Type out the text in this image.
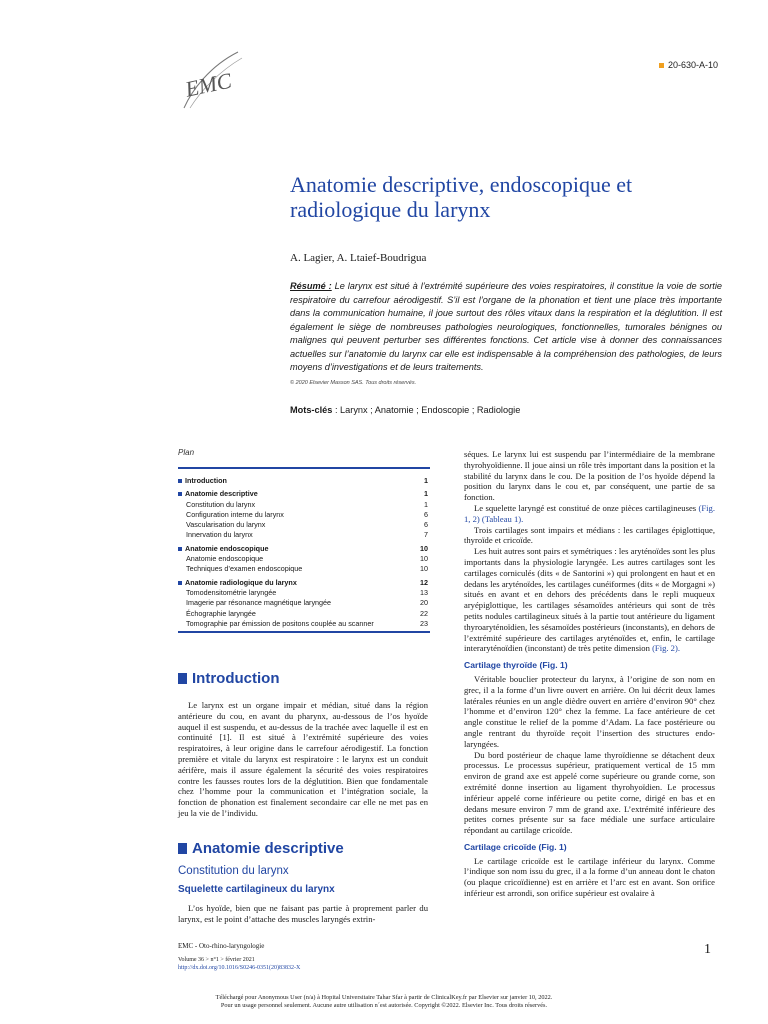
EMC
20-630-A-10
Anatomie descriptive, endoscopique et radiologique du larynx
A. Lagier, A. Ltaief-Boudrigua
Résumé : Le larynx est situé à l’extrémité supérieure des voies respiratoires, il constitue la voie de sortie respiratoire du carrefour aérodigestif. S’il est l’organe de la phonation et tient une place très importante dans la communication humaine, il joue surtout des rôles vitaux dans la respiration et la déglutition. Il est également le siège de nombreuses pathologies neurologiques, fonctionnelles, tumorales bénignes ou malignes qui peuvent perturber ses différentes fonctions. Cet article vise à donner des connaissances actuelles sur l’anatomie du larynx car elle est indispensable à la compréhension des pathologies, de leurs moyens d’investigations et de leurs traitements.
© 2020 Elsevier Masson SAS. Tous droits réservés.
Mots-clés : Larynx ; Anatomie ; Endoscopie ; Radiologie
Plan
Introduction	1
Anatomie descriptive	1
Constitution du larynx	1
Configuration interne du larynx	6
Vascularisation du larynx	6
Innervation du larynx	7
Anatomie endoscopique	10
Anatomie endoscopique	10
Techniques d’examen endoscopique	10
Anatomie radiologique du larynx	12
Tomodensitométrie laryngée	13
Imagerie par résonance magnétique laryngée	20
Échographie laryngée	22
Tomographie par émission de positons couplée au scanner	23
Introduction

Le larynx est un organe impair et médian, situé dans la région antérieure du cou, en avant du pharynx, au-dessous de l’os hyoïde auquel il est suspendu, et au-dessus de la trachée avec laquelle il est en continuité [1]. Il est situé à l’extrémité supérieure des voies respiratoires, à leur origine dans le carrefour aérodigestif. La fonction première et vitale du larynx est respiratoire : le larynx est un conduit aérifère, mais il assure également la sécurité des voies respiratoires contre les fausses routes lors de la déglutition. Bien que fondamentale chez l’homme pour la communication et l’intégration sociale, la fonction de phonation est finalement secondaire car elle ne met pas en jeu la vie de l’individu.

Anatomie descriptive
Constitution du larynx
Squelette cartilagineux du larynx

L’os hyoïde, bien que ne faisant pas partie à proprement parler du larynx, est le point d’attache des muscles laryngés extrin-

séques. Le larynx lui est suspendu par l’intermédiaire de la membrane thyrohyoïdienne. Il joue ainsi un rôle très important dans la position et la stabilité du larynx dans le cou. De la position de l’os hyoïde dépend la position du larynx dans le cou et, par conséquent, une partie de sa fonction.

Le squelette laryngé est constitué de onze pièces cartilagineuses (Fig. 1, 2) (Tableau 1).

Trois cartilages sont impairs et médians : les cartilages épiglottique, thyroïde et cricoïde.

Les huit autres sont pairs et symétriques : les aryténoïdes sont les plus importants dans la physiologie laryngée. Les autres cartilages sont les cartilages corniculés (dits « de Santorini ») qui prolongent en haut et en dedans les aryténoïdes, les cartilages cunéiformes (dits « de Morgagni ») situés en avant et en dehors des précédents dans le repli muqueux aryépiglottique, les cartilages sésamoïdes antérieurs qui sont de très petits nodules cartilagineux situés à la partie tout antérieure du ligament thyroaryténoïdien, les sésamoïdes postérieurs (inconstants), en dehors de l’extrémité supérieure des cartilages aryténoïdes et, enfin, le cartilage interaryténoïdien (inconstant) de très petite dimension (Fig. 2).

Cartilage thyroïde (Fig. 1)

Véritable bouclier protecteur du larynx, à l’origine de son nom en grec, il a la forme d’un livre ouvert en arrière. On lui décrit deux lames latérales réunies en un angle dièdre ouvert en arrière d’environ 90° chez l’homme et d’environ 120° chez la femme. La face antérieure de cet angle constitue le relief de la pomme d’Adam. La face postérieure ou angle rentrant du thyroïde reçoit l’insertion des structures endo-laryngées.

Du bord postérieur de chaque lame thyroïdienne se détachent deux processus. Le processus supérieur, pratiquement vertical de 15 mm environ de grand axe est appelé corne supérieure ou grande corne, son extrémité donne insertion au ligament thyrohyoïdien. Le processus inférieur appelé corne inférieure ou petite corne, dirigé en bas et en dedans mesure environ 7 mm de grand axe. L’extrémité inférieure des petites cornes présente sur sa face médiale une surface articulaire répondant au cartilage cricoïde.

Cartilage cricoïde (Fig. 1)

Le cartilage cricoïde est le cartilage inférieur du larynx. Comme l’indique son nom issu du grec, il a la forme d’un anneau dont le chaton (ou plaque cricoïdienne) est en arrière et l’arc est en avant. Son orifice inférieur est arrondi, son orifice supérieur est ovalaire à

EMC - Oto-rhino-laryngologie
Volume 36 > n°1 > février 2021
http://dx.doi.org/10.1016/S0246-0351(20)83832-X
1
Téléchargé pour Anonymous User (n/a) à Hopital Universitaire Tahar Sfar à partir de ClinicalKey.fr par Elsevier sur janvier 10, 2022.
Pour un usage personnel seulement. Aucune autre utilisation n´est autorisée. Copyright ©2022. Elsevier Inc. Tous droits réservés.
